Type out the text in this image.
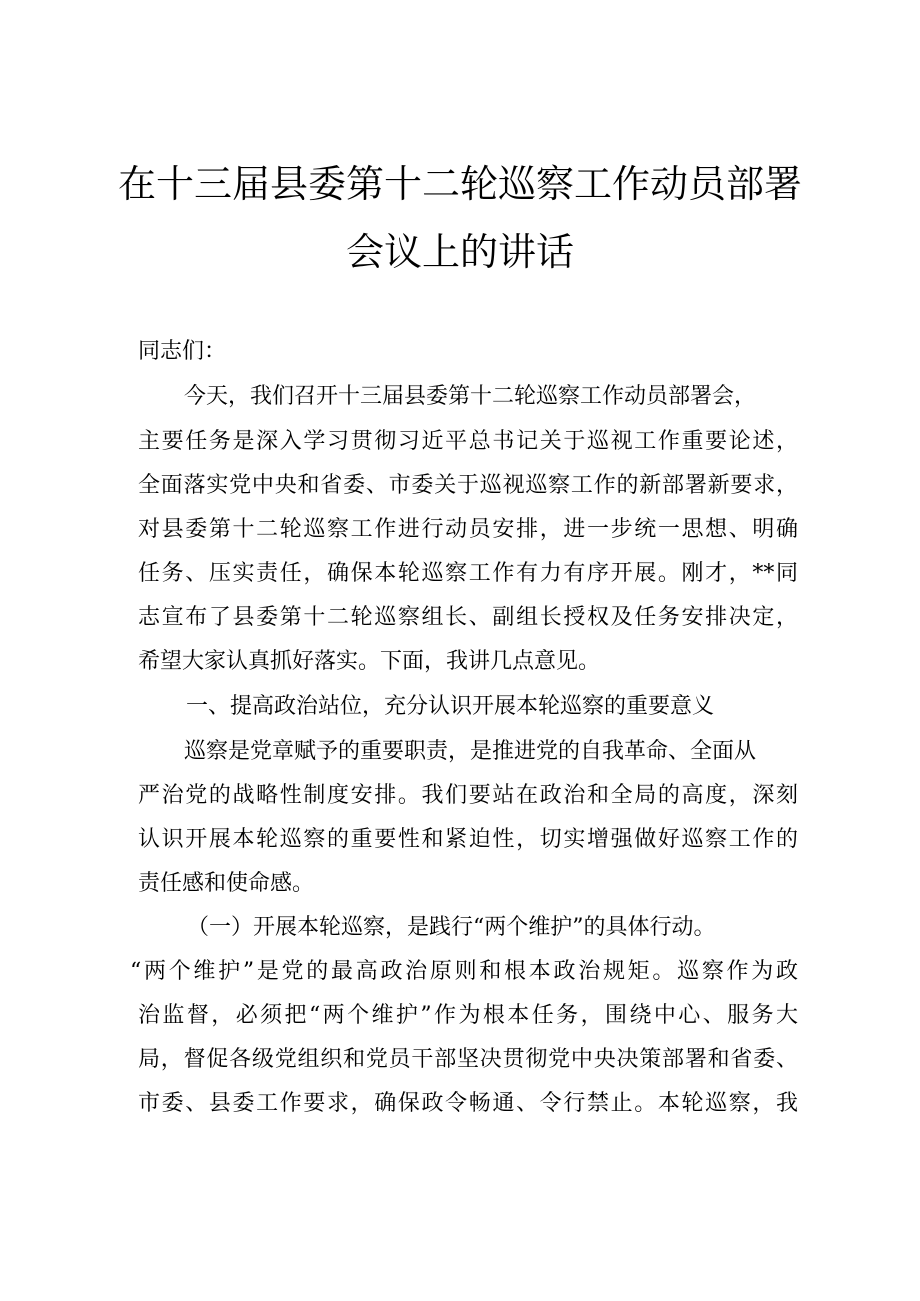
在十三届县委第十二轮巡察工作动员部署
会议上的讲话

同志们：

今天，我们召开十三届县委第十二轮巡察工作动员部署会，

主要任务是深入学习贯彻习近平总书记关于巡视工作重要论述，

全面落实党中央和省委、市委关于巡视巡察工作的新部署新要求，

对县委第十二轮巡察工作进行动员安排，进一步统一思想、明确

任务、压实责任，确保本轮巡察工作有力有序开展。刚才，**同

志宣布了县委第十二轮巡察组长、副组长授权及任务安排决定，

希望大家认真抓好落实。下面，我讲几点意见。

一、提高政治站位，充分认识开展本轮巡察的重要意义

巡察是党章赋予的重要职责，是推进党的自我革命、全面从

严治党的战略性制度安排。我们要站在政治和全局的高度，深刻

认识开展本轮巡察的重要性和紧迫性，切实增强做好巡察工作的

责任感和使命感。

（一）开展本轮巡察，是践行“两个维护”的具体行动。

“两个维护”是党的最高政治原则和根本政治规矩。巡察作为政

治监督，必须把“两个维护”作为根本任务，围绕中心、服务大

局，督促各级党组织和党员干部坚决贯彻党中央决策部署和省委、

市委、县委工作要求，确保政令畅通、令行禁止。本轮巡察，我
